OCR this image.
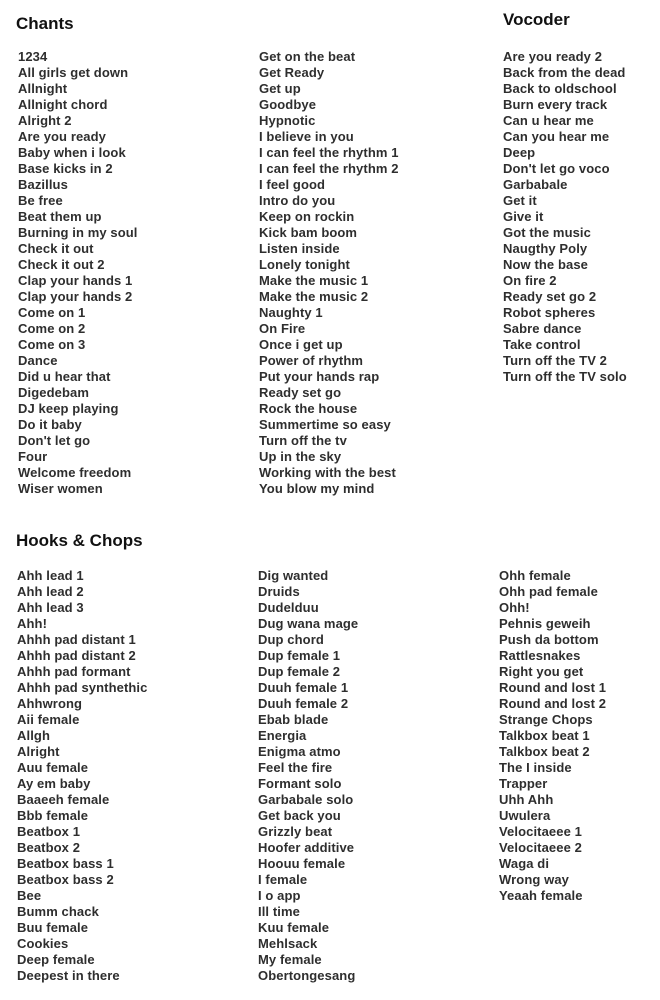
Chants	Vocoder
Hooks & Chops
1234
All girls get down
Allnight
Allnight chord
Alright 2
Are you ready
Baby when i look
Base kicks in 2
Bazillus
Be free
Beat them up
Burning in my soul
Check it out
Check it out 2
Clap your hands 1
Clap your hands 2
Come on 1
Come on 2
Come on 3
Dance
Did u hear that
Digedebam
DJ keep playing
Do it baby
Don't let go
Four
Welcome freedom
Wiser women
Get on the beat
Get Ready
Get up
Goodbye
Hypnotic
I believe in you
I can feel the rhythm 1
I can feel the rhythm 2
I feel good
Intro do you
Keep on rockin
Kick bam boom
Listen inside
Lonely tonight
Make the music 1
Make the music 2
Naughty 1
On Fire
Once i get up
Power of rhythm
Put your hands rap
Ready set go
Rock the house
Summertime so easy
Turn off the tv
Up in the sky
Working with the best
You blow my mind
Are you ready 2
Back from the dead
Back to oldschool
Burn every track
Can u hear me
Can you hear me
Deep
Don't let go voco
Garbabale
Get it
Give it
Got the music
Naugthy Poly
Now the base
On fire 2
Ready set go 2
Robot spheres
Sabre dance
Take control
Turn off the TV 2
Turn off the TV solo
Ahh lead 1
Ahh lead 2
Ahh lead 3
Ahh!
Ahhh pad distant 1
Ahhh pad distant 2
Ahhh pad formant
Ahhh pad synthethic
Ahhwrong
Aii female
Allgh
Alright
Auu female
Ay em baby
Baaeeh female
Bbb female
Beatbox 1
Beatbox 2
Beatbox bass 1
Beatbox bass 2
Bee
Bumm chack
Buu female
Cookies
Deep female
Deepest in there
Dig wanted
Druids
Dudelduu
Dug wana mage
Dup chord
Dup female 1
Dup female 2
Duuh female 1
Duuh female 2
Ebab blade
Energia
Enigma atmo
Feel the fire
Formant solo
Garbabale solo
Get back you
Grizzly beat
Hoofer additive
Hoouu female
I female
I o app
Ill time
Kuu female
Mehlsack
My female
Obertongesang
Ohh female
Ohh pad female
Ohh!
Pehnis geweih
Push da bottom
Rattlesnakes
Right you get
Round and lost 1
Round and lost 2
Strange Chops
Talkbox beat 1
Talkbox beat 2
The I inside
Trapper
Uhh Ahh
Uwulera
Velocitaeee 1
Velocitaeee 2
Waga di
Wrong way
Yeaah female
